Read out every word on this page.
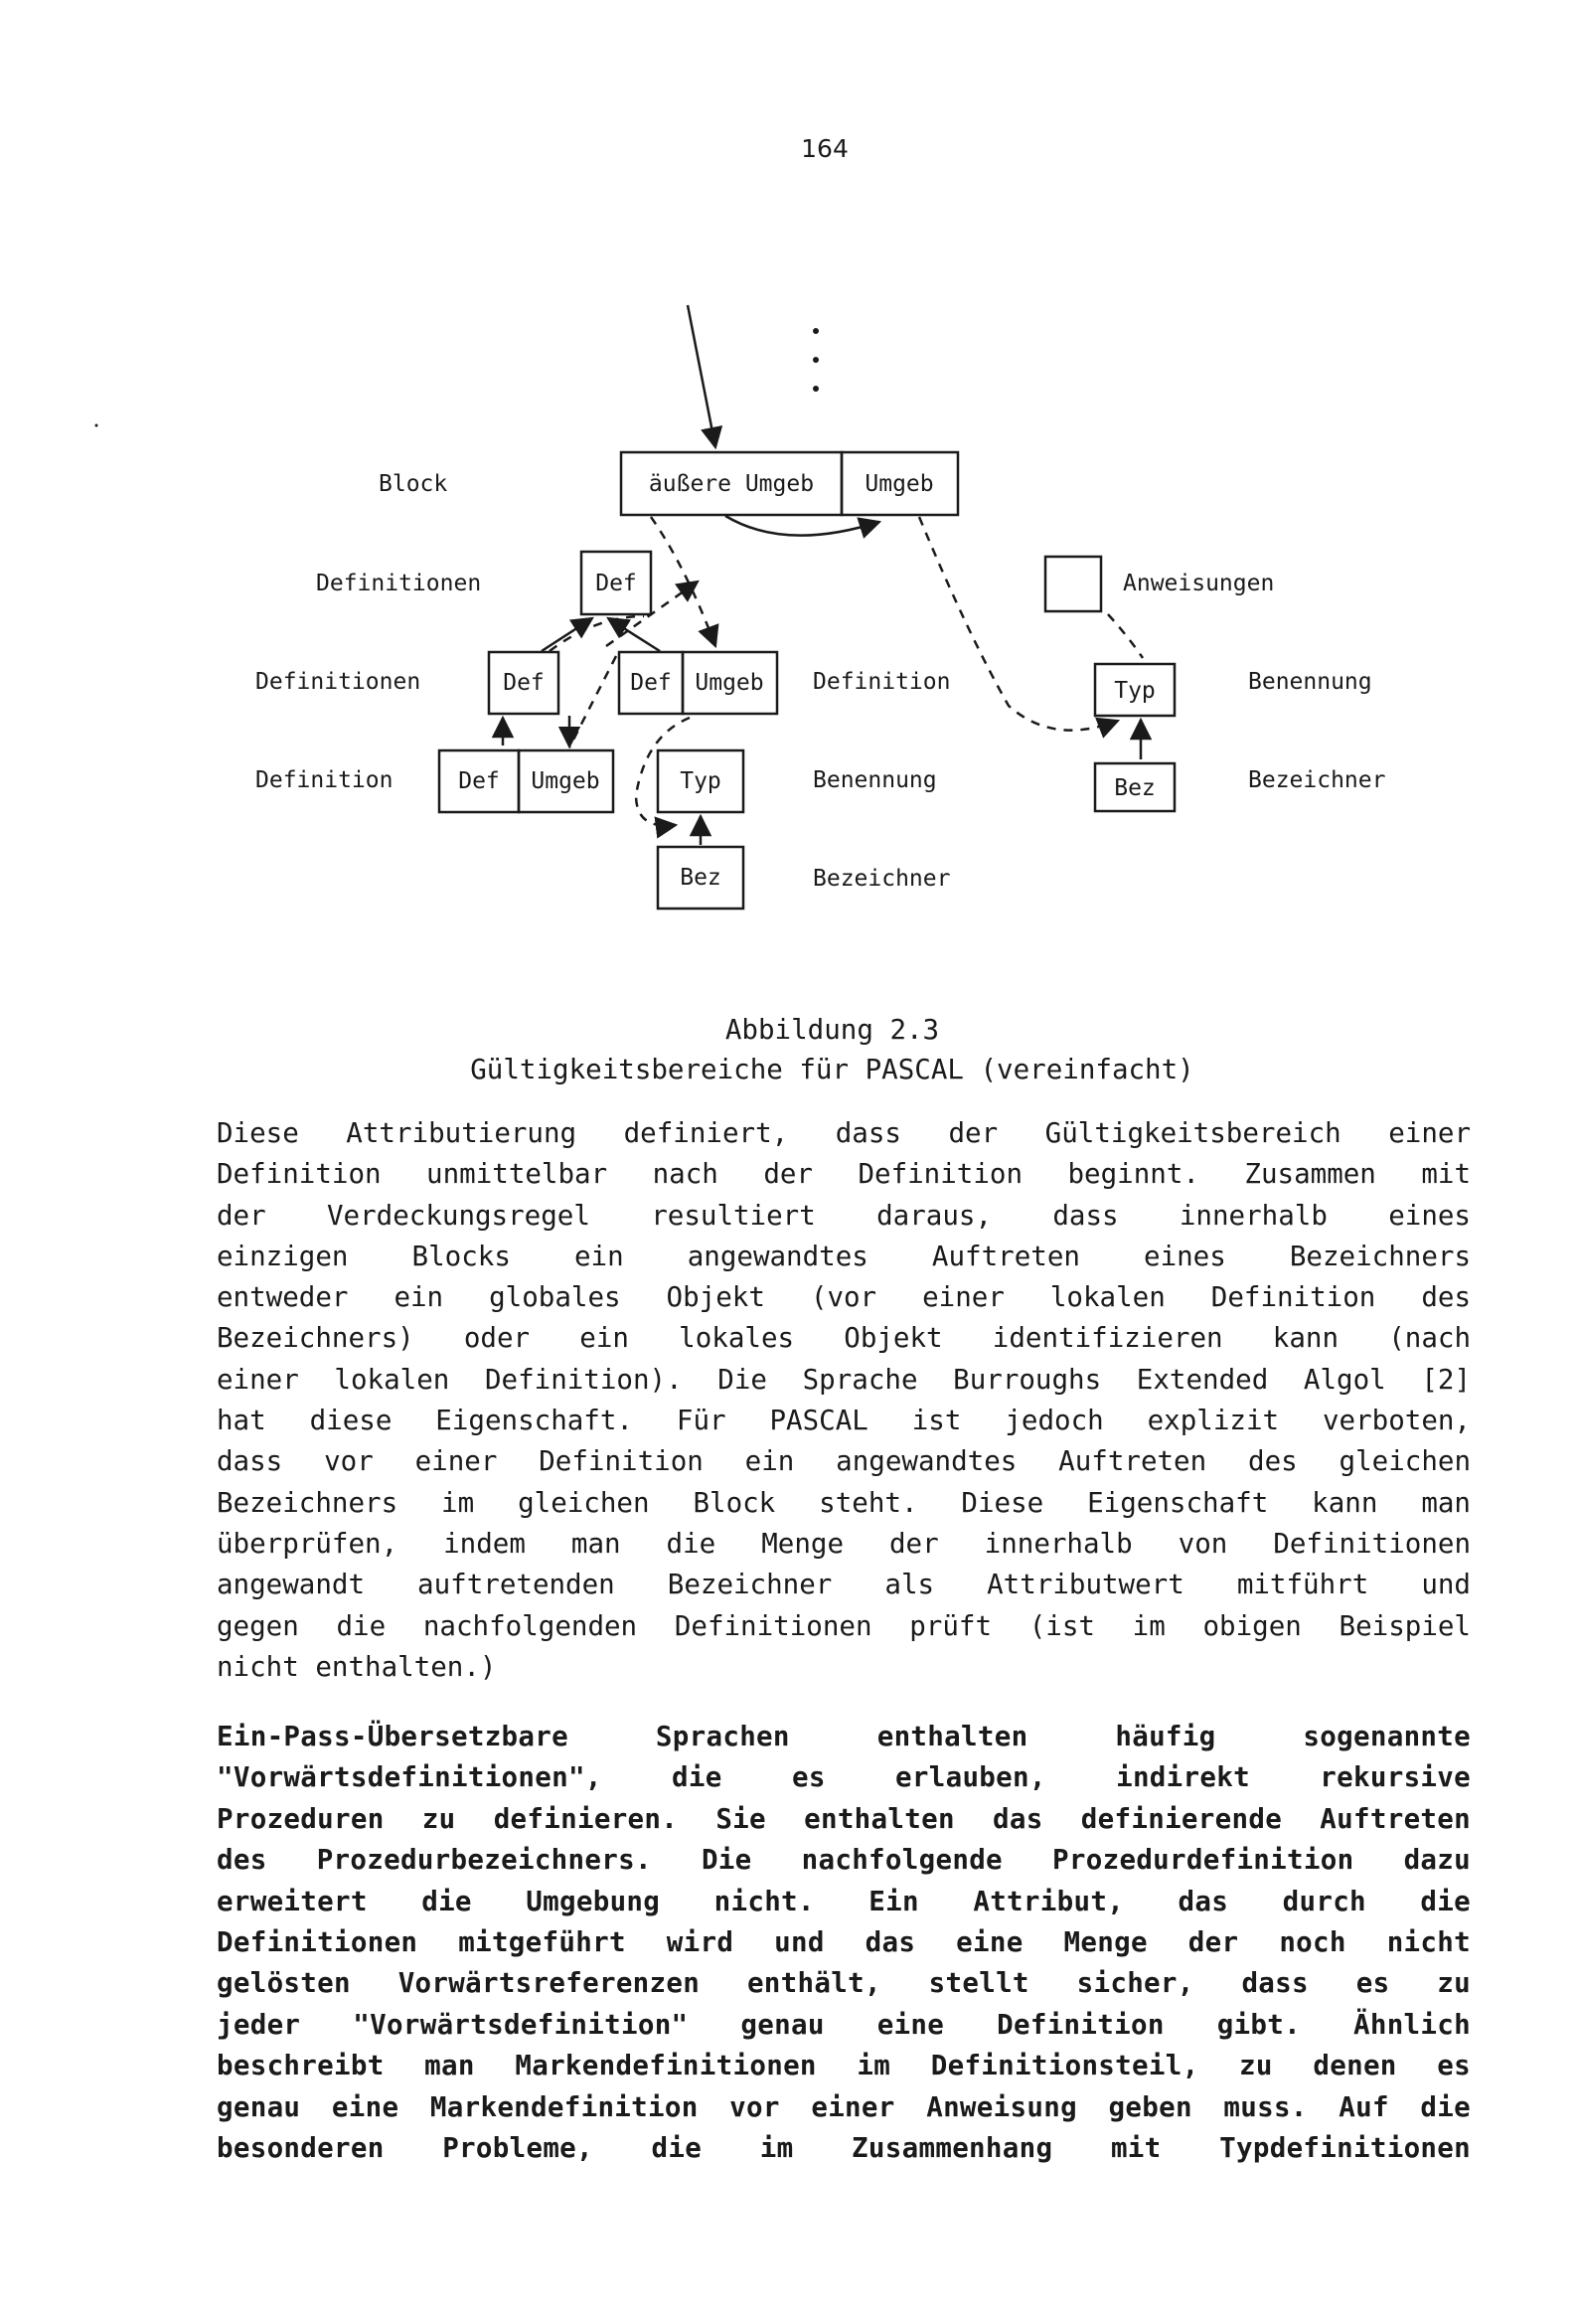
164
äußere Umgeb Umgeb
Def
Def	Def Umgeb
Def Umgeb	Typ
Bez
Typ
Bez
Block
Definitionen
Definitionen
Definition
Definition
Benennung
Bezeichner
Anweisungen
Benennung
Bezeichner
Abbildung 2.3
Gültigkeitsbereiche für PASCAL (vereinfacht)
Diese Attributierung definiert, dass der Gültigkeitsbereich einer
Definition unmittelbar nach der Definition beginnt. Zusammen mit
der Verdeckungsregel resultiert daraus, dass innerhalb eines
einzigen Blocks ein angewandtes Auftreten eines Bezeichners
entweder ein globales Objekt (vor einer lokalen Definition des
Bezeichners) oder ein lokales Objekt identifizieren kann (nach
einer lokalen Definition). Die Sprache Burroughs Extended Algol [2]
hat diese Eigenschaft. Für PASCAL ist jedoch explizit verboten,
dass vor einer Definition ein angewandtes Auftreten des gleichen
Bezeichners im gleichen Block steht. Diese Eigenschaft kann man
überprüfen, indem man die Menge der innerhalb von Definitionen
angewandt auftretenden Bezeichner als Attributwert mitführt und
gegen die nachfolgenden Definitionen prüft (ist im obigen Beispiel
nicht enthalten.)
Ein-Pass-Übersetzbare Sprachen enthalten häufig sogenannte
"Vorwärtsdefinitionen", die es erlauben, indirekt rekursive
Prozeduren zu definieren. Sie enthalten das definierende Auftreten
des Prozedurbezeichners. Die nachfolgende Prozedurdefinition dazu
erweitert die Umgebung nicht. Ein Attribut, das durch die
Definitionen mitgeführt wird und das eine Menge der noch nicht
gelösten Vorwärtsreferenzen enthält, stellt sicher, dass es zu
jeder "Vorwärtsdefinition" genau eine Definition gibt. Ähnlich
beschreibt man Markendefinitionen im Definitionsteil, zu denen es
genau eine Markendefinition vor einer Anweisung geben muss. Auf die
besonderen Probleme, die im Zusammenhang mit Typdefinitionen
